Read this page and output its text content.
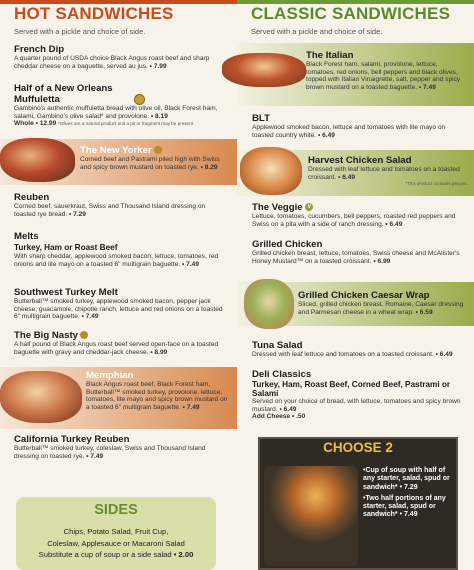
HOT SANDWICHES
Served with a pickle and choice of side.
French Dip
A quarter pound of USDA choice Black Angus roast beef and sharp cheddar cheese on a baguette, served au jus. • 7.99
Half of a New Orleans Muffuletta
Gambino's authentic muffuletta bread with olive oil, Black Forest ham, salami, Gambino's olive salad* and provolone. • 8.19
Whole • 12.99 *Olives are a natural product and a pit or fragment may be present.
The New Yorker
Corned beef and Pastrami piled high with Swiss and spicy brown mustard on toasted rye. • 8.29
Reuben
Corned beef, sauerkraut, Swiss and Thousand Island dressing on toasted rye bread. • 7.29
Melts
Turkey, Ham or Roast Beef
With sharp cheddar, applewood smoked bacon, lettuce, tomatoes, red onions and lite mayo on a toasted 6" multigrain baguette. • 7.49
Southwest Turkey Melt
Butterball™ smoked turkey, applewood smoked bacon, pepper jack cheese, guacamole, chipotle ranch, lettuce and red onions on a toasted 6" multigrain baguette. • 7.49
The Big Nasty
A half pound of Black Angus roast beef served open-face on a toasted baguette with gravy and cheddar-jack cheese. • 8.99
Memphian
Black Angus roast beef, Black Forest ham, Butterball™ smoked turkey, provolone, lettuce, tomatoes, lite mayo and spicy brown mustard on a toasted 6" multigrain baguette. • 7.49
California Turkey Reuben
Butterball™ smoked turkey, coleslaw, Swiss and Thousand Island dressing on toasted rye. • 7.49
SIDES
Chips, Potato Salad, Fruit Cup,
Coleslaw, Applesauce or Macaroni Salad
Substitute a cup of soup or a side salad • 2.00
CLASSIC SANDWICHES
Served with a pickle and choice of side.
The Italian
Black Forest ham, salami, provolone, lettuce, tomatoes, red onions, bell peppers and black olives, topped with Italian Vinaigrette, salt, pepper and spicy brown mustard on a toasted baguette. • 7.49
BLT
Applewood smoked bacon, lettuce and tomatoes with lite mayo on toasted country white. • 6.49
Harvest Chicken Salad
Dressed with leaf lettuce and tomatoes on a toasted croissant. • 6.49
*This product contains pecans.
The Veggie V
Lettuce, tomatoes, cucumbers, bell peppers, roasted red peppers and Swiss on a pita with a side of ranch dressing. • 6.49
Grilled Chicken
Grilled chicken breast, lettuce, tomatoes, Swiss cheese and McAlister's Honey Mustard™ on a toasted croissant. • 6.99
Grilled Chicken Caesar Wrap
Sliced, grilled chicken breast, Romaine, Caesar dressing and Parmesan cheese in a wheat wrap. • 6.59
Tuna Salad
Dressed with leaf lettuce and tomatoes on a toasted croissant. • 6.49
Deli Classics
Turkey, Ham, Roast Beef, Corned Beef, Pastrami or Salami
Served on your choice of bread, with lettuce, tomatoes and spicy brown mustard. • 6.49
Add Cheese • .50
CHOOSE 2
•Cup of soup with half of any starter, salad, spud or sandwich* • 7.29
•Two half portions of any starter, salad, spud or sandwich* • 7.49
